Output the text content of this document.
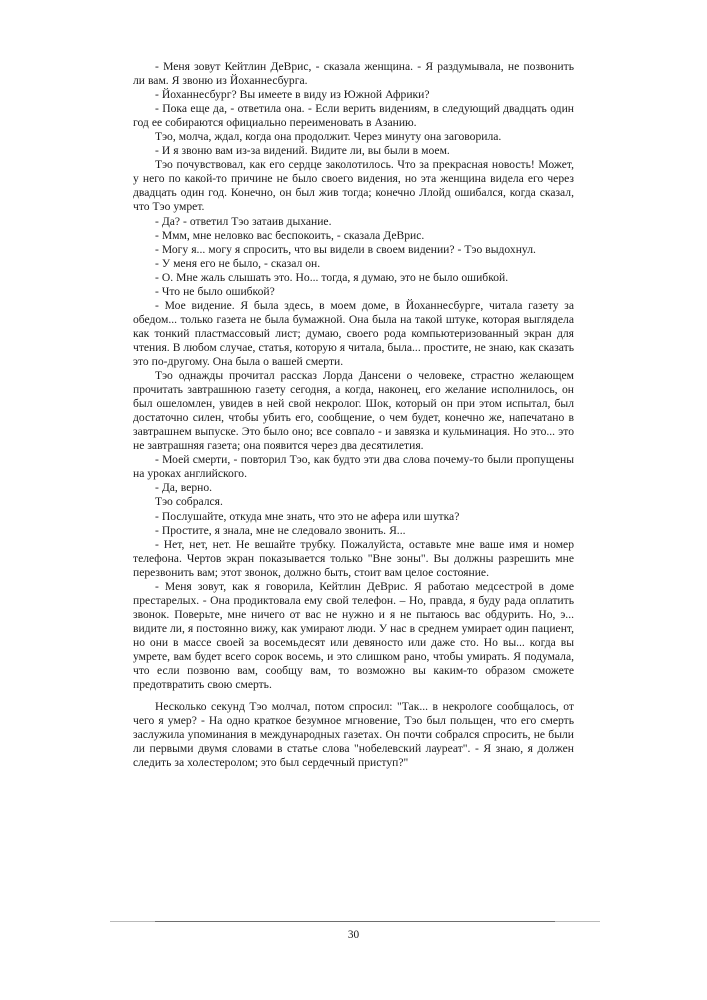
- Меня зовут Кейтлин ДеВрис, - сказала женщина. - Я раздумывала, не позвонить ли вам. Я звоню из Йоханнесбурга.

- Йоханнесбург? Вы имеете в виду из Южной Африки?

- Пока еще да, - ответила она. - Если верить видениям, в следующий двадцать один год ее собираются официально переименовать в Азанию.

Тэо, молча, ждал, когда она продолжит. Через минуту она заговорила.

- И я звоню вам из-за видений. Видите ли, вы были в моем.

Тэо почувствовал, как его сердце заколотилось. Что за прекрасная новость! Может, у него по какой-то причине не было своего видения, но эта женщина видела его через двадцать один год. Конечно, он был жив тогда; конечно Ллойд ошибался, когда сказал, что Тэо умрет.

- Да? - ответил Тэо затаив дыхание.

- Ммм, мне неловко вас беспокоить, - сказала ДеВрис.

- Могу я... могу я спросить, что вы видели в своем видении? - Тэо выдохнул.

- У меня его не было, - сказал он.

- О. Мне жаль слышать это. Но... тогда, я думаю, это не было ошибкой.

- Что не было ошибкой?

- Мое видение. Я была здесь, в моем доме, в Йоханнесбурге, читала газету за обедом... только газета не была бумажной. Она была на такой штуке, которая выглядела как тонкий пластмассовый лист; думаю, своего рода компьютеризованный экран для чтения. В любом случае, статья, которую я читала, была... простите, не знаю, как сказать это по-другому. Она была о вашей смерти.

Тэо однажды прочитал рассказ Лорда Дансени о человеке, страстно желающем прочитать завтрашнюю газету сегодня, а когда, наконец, его желание исполнилось, он был ошеломлен, увидев в ней свой некролог. Шок, который он при этом испытал, был достаточно силен, чтобы убить его, сообщение, о чем будет, конечно же, напечатано в завтрашнем выпуске. Это было оно; все совпало - и завязка и кульминация. Но это... это не завтрашняя газета; она появится через два десятилетия.

- Моей смерти, - повторил Тэо, как будто эти два слова почему-то были пропущены на уроках английского.

- Да, верно.

Тэо собрался.

- Послушайте, откуда мне знать, что это не афера или шутка?

- Простите, я знала, мне не следовало звонить. Я...

- Нет, нет, нет. Не вешайте трубку. Пожалуйста, оставьте мне ваше имя и номер телефона. Чертов экран показывается только "Вне зоны". Вы должны разрешить мне перезвонить вам; этот звонок, должно быть, стоит вам целое состояние.

- Меня зовут, как я говорила, Кейтлин ДеВрис. Я работаю медсестрой в доме престарелых. - Она продиктовала ему свой телефон. – Но, правда, я буду рада оплатить звонок. Поверьте, мне ничего от вас не нужно и я не пытаюсь вас обдурить. Но, э... видите ли, я постоянно вижу, как умирают люди. У нас в среднем умирает один пациент, но они в массе своей за восемьдесят или девяносто или даже сто. Но вы... когда вы умрете, вам будет всего сорок восемь, и это слишком рано, чтобы умирать. Я подумала, что если позвоню вам, сообщу вам, то возможно вы каким-то образом сможете предотвратить свою смерть.

Несколько секунд Тэо молчал, потом спросил: "Так... в некрологе сообщалось, от чего я умер? - На одно краткое безумное мгновение, Тэо был польщен, что его смерть заслужила упоминания в международных газетах. Он почти собрался спросить, не были ли первыми двумя словами в статье слова "нобелевский лауреат". - Я знаю, я должен следить за холестеролом; это был сердечный приступ?"

30
